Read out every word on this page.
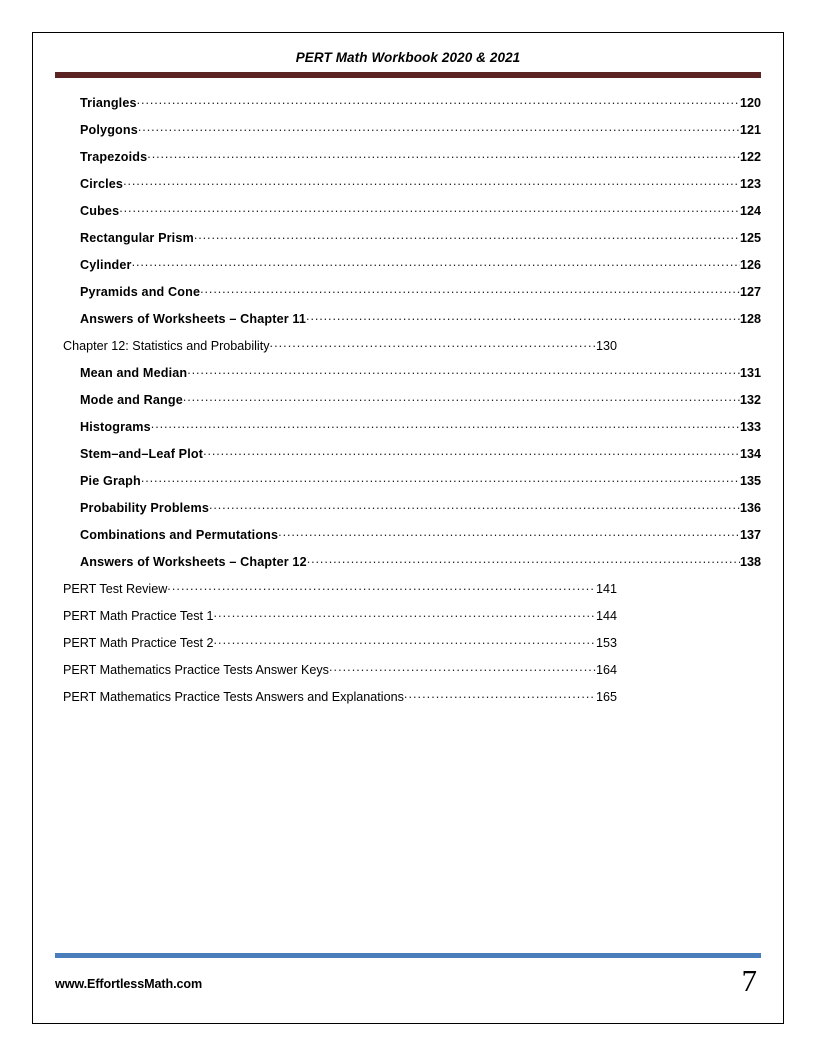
PERT Math Workbook 2020 & 2021
Triangles .....	120
Polygons .....	121
Trapezoids .....	122
Circles .....	123
Cubes .....	124
Rectangular Prism .....	125
Cylinder .....	126
Pyramids and Cone .....	127
Answers of Worksheets – Chapter 11 .....	128
Chapter 12: Statistics and Probability .....	130
Mean and Median .....	131
Mode and Range .....	132
Histograms .....	133
Stem–and–Leaf Plot .....	134
Pie Graph .....	135
Probability Problems .....	136
Combinations and Permutations .....	137
Answers of Worksheets – Chapter 12 .....	138
PERT Test Review .....	141
PERT Math Practice Test 1 .....	144
PERT Math Practice Test 2 .....	153
PERT Mathematics Practice Tests Answer Keys .....	164
PERT Mathematics Practice Tests Answers and Explanations .....	165
www.EffortlessMath.com	7
